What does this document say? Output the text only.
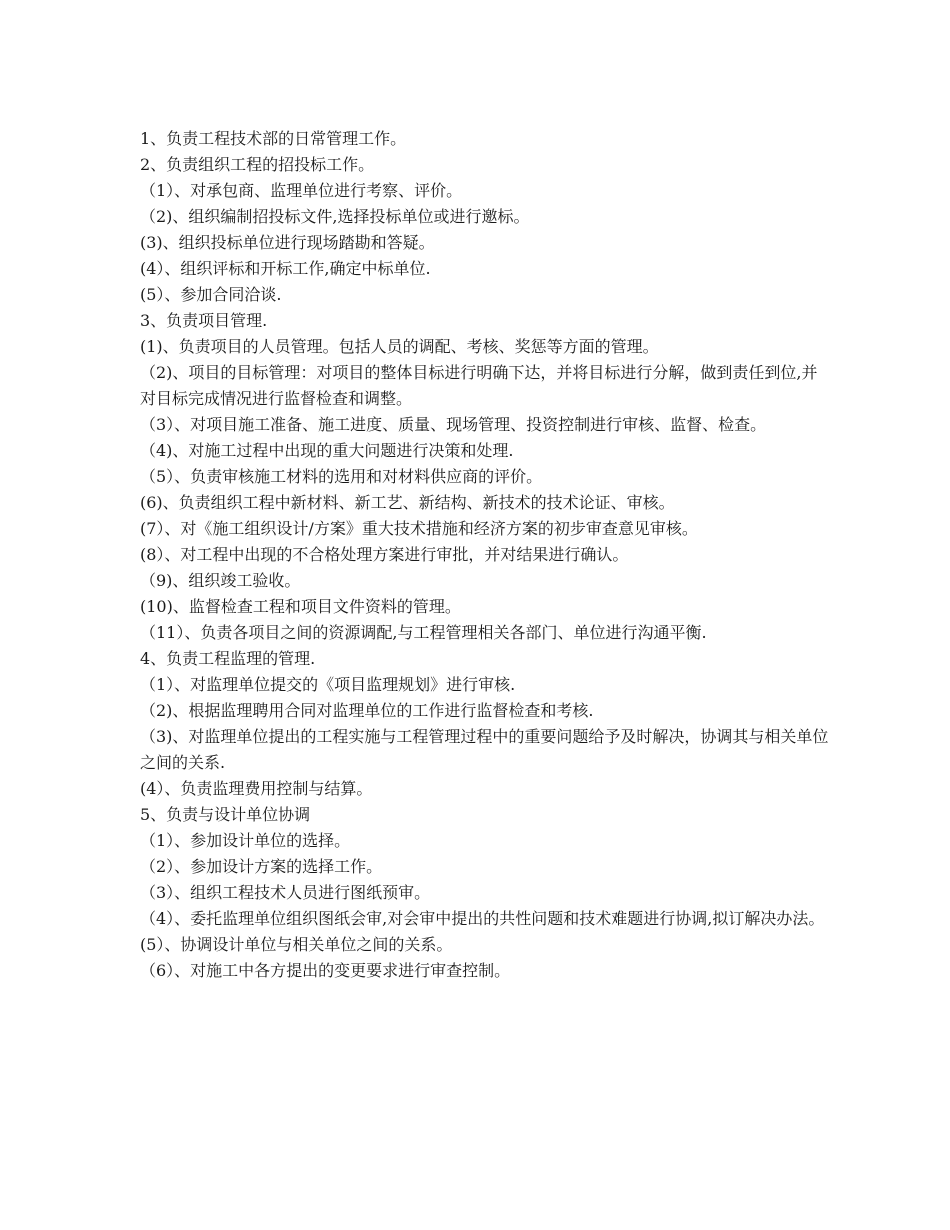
1、负责工程技术部的日常管理工作。

2、负责组织工程的招投标工作。

（1）、对承包商、监理单位进行考察、评价。

（2)、组织编制招投标文件,选择投标单位或进行邀标。

(3)、组织投标单位进行现场踏勘和答疑。

(4）、组织评标和开标工作,确定中标单位.

(5）、参加合同洽谈.

3、负责项目管理.

(1)、负责项目的人员管理。包括人员的调配、考核、奖惩等方面的管理。

（2)、项目的目标管理：对项目的整体目标进行明确下达，并将目标进行分解，做到责任到位,并对目标完成情况进行监督检查和调整。

（3）、对项目施工准备、施工进度、质量、现场管理、投资控制进行审核、监督、检查。

（4)、对施工过程中出现的重大问题进行决策和处理.

（5）、负责审核施工材料的选用和对材料供应商的评价。

(6)、负责组织工程中新材料、新工艺、新结构、新技术的技术论证、审核。

(7）、对《施工组织设计/方案》重大技术措施和经济方案的初步审查意见审核。

(8）、对工程中出现的不合格处理方案进行审批，并对结果进行确认。

（9)、组织竣工验收。

(10)、监督检查工程和项目文件资料的管理。

（11）、负责各项目之间的资源调配,与工程管理相关各部门、单位进行沟通平衡.

4、负责工程监理的管理.

（1）、对监理单位提交的《项目监理规划》进行审核.

（2)、根据监理聘用合同对监理单位的工作进行监督检查和考核.

（3)、对监理单位提出的工程实施与工程管理过程中的重要问题给予及时解决，协调其与相关单位之间的关系.

(4）、负责监理费用控制与结算。

5、负责与设计单位协调

（1）、参加设计单位的选择。

（2）、参加设计方案的选择工作。

（3）、组织工程技术人员进行图纸预审。

（4）、委托监理单位组织图纸会审,对会审中提出的共性问题和技术难题进行协调,拟订解决办法。

(5）、协调设计单位与相关单位之间的关系。

（6）、对施工中各方提出的变更要求进行审查控制。
